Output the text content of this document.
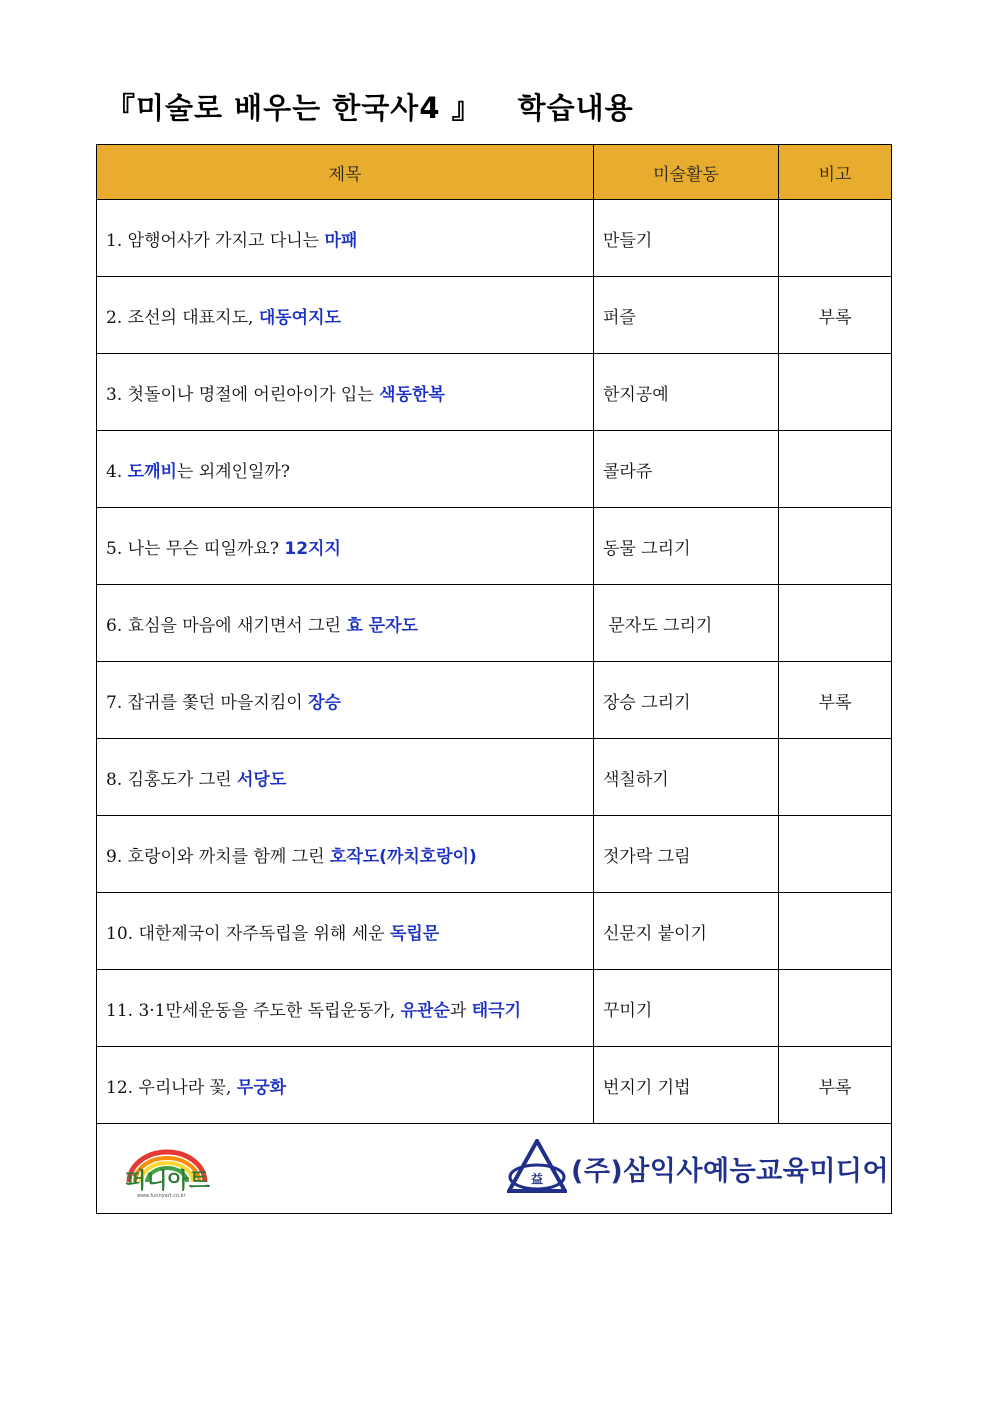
『미술로 배우는 한국사4 』 학습내용
제목	미술활동	비고
1. 암행어사가 가지고 다니는 마패	만들기	
2. 조선의 대표지도, 대동여지도	퍼즐	부록
3. 첫돌이나 명절에 어린아이가 입는 색동한복	한지공예	
4. 도깨비는 외계인일까?	콜라쥬	
5. 나는 무슨 띠일까요? 12지지	동물 그리기	
6. 효심을 마음에 새기면서 그린 효 문자도	문자도 그리기	
7. 잡귀를 쫓던 마을지킴이 장승	장승 그리기	부록
8. 김홍도가 그린 서당도	색칠하기	
9. 호랑이와 까치를 함께 그린 호작도(까치호랑이)	젓가락 그림	
10. 대한제국이 자주독립을 위해 세운 독립문	신문지 붙이기	
11. 3·1만세운동을 주도한 독립운동가, 유관순과 태극기	꾸미기	
12. 우리나라 꽃, 무궁화	번지기 기법	부록

퍼니아트
www.funnyart.co.kr
益 (주)삼익사예능교육미디어		
